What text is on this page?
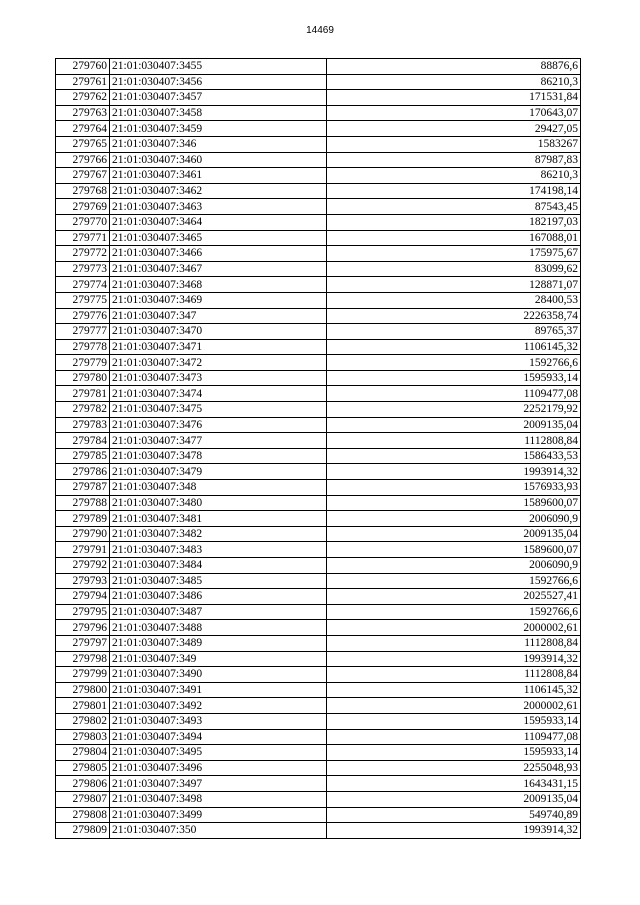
14469
279760	21:01:030407:3455	88876,6
279761	21:01:030407:3456	86210,3
279762	21:01:030407:3457	171531,84
279763	21:01:030407:3458	170643,07
279764	21:01:030407:3459	29427,05
279765	21:01:030407:346	1583267
279766	21:01:030407:3460	87987,83
279767	21:01:030407:3461	86210,3
279768	21:01:030407:3462	174198,14
279769	21:01:030407:3463	87543,45
279770	21:01:030407:3464	182197,03
279771	21:01:030407:3465	167088,01
279772	21:01:030407:3466	175975,67
279773	21:01:030407:3467	83099,62
279774	21:01:030407:3468	128871,07
279775	21:01:030407:3469	28400,53
279776	21:01:030407:347	2226358,74
279777	21:01:030407:3470	89765,37
279778	21:01:030407:3471	1106145,32
279779	21:01:030407:3472	1592766,6
279780	21:01:030407:3473	1595933,14
279781	21:01:030407:3474	1109477,08
279782	21:01:030407:3475	2252179,92
279783	21:01:030407:3476	2009135,04
279784	21:01:030407:3477	1112808,84
279785	21:01:030407:3478	1586433,53
279786	21:01:030407:3479	1993914,32
279787	21:01:030407:348	1576933,93
279788	21:01:030407:3480	1589600,07
279789	21:01:030407:3481	2006090,9
279790	21:01:030407:3482	2009135,04
279791	21:01:030407:3483	1589600,07
279792	21:01:030407:3484	2006090,9
279793	21:01:030407:3485	1592766,6
279794	21:01:030407:3486	2025527,41
279795	21:01:030407:3487	1592766,6
279796	21:01:030407:3488	2000002,61
279797	21:01:030407:3489	1112808,84
279798	21:01:030407:349	1993914,32
279799	21:01:030407:3490	1112808,84
279800	21:01:030407:3491	1106145,32
279801	21:01:030407:3492	2000002,61
279802	21:01:030407:3493	1595933,14
279803	21:01:030407:3494	1109477,08
279804	21:01:030407:3495	1595933,14
279805	21:01:030407:3496	2255048,93
279806	21:01:030407:3497	1643431,15
279807	21:01:030407:3498	2009135,04
279808	21:01:030407:3499	549740,89
279809	21:01:030407:350	1993914,32
